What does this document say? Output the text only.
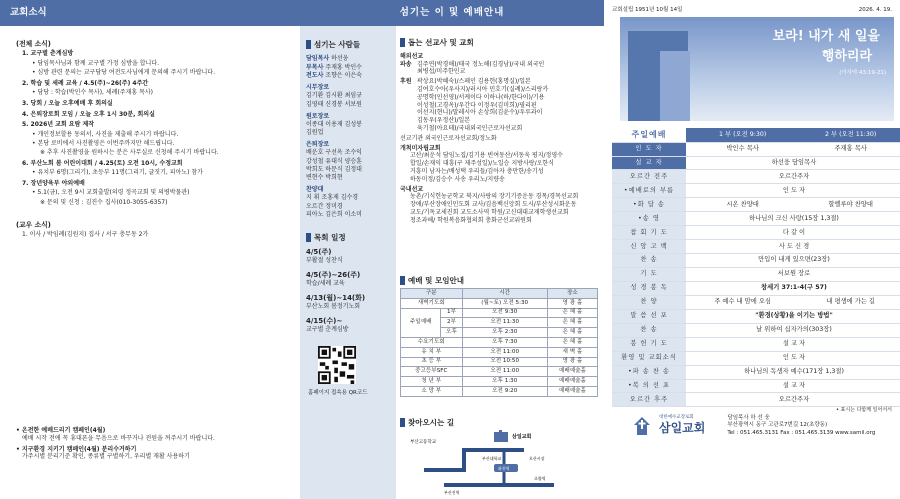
교회소식
(전체 소식)
1. 교구별 춘계심방
• 담임목사님과 함께 교구별 가정 심방을 합니다.
• 심방 관련 문의는 교구담당 여전도사님에게 문의해 주시기 바랍니다.
2. 학습 및 세례 교육 / 4.5(주)~26(주) 4주간
• 담당 : 학습(박인수 목사), 세례(주재홍 목사)
3. 당회 / 오늘 오후예배 후 회의실
4. 은퇴장로회 모임 / 오늘 오후 1시 30분, 회의실
5. 2026년 교회 요람 제작
• 개인정보할용 동의서, 사진을 제출해 주시기 바랍니다.
• 본당 로비에서 사진촬영은 이번주까지만 해드립니다.
※ 추후 사진촬영을 원하시는 분은 사무실로 신청해 주시기 바랍니다.
6. 부산노회 봄 어린이대회 / 4.25(토) 오전 10시, 수정교회
• 유치부 6명(그리기), 초등부 11명(그리기, 글짓기, 피아노) 참가
7. 장년양육부 야외예배
• 5.1(금), 오전 9시 교회출발(의령 정곡교회 및 의병박물관)
※ 문의 및 신청 : 김진수 집사(010-3055-6357)
(교우 소식)
1. 이사 / 박임례(김원지) 집사 / 서구 충무동 2가
• 온전한 예배드리기 캠페인(4월)
예배 시작 전에 꼭 휴대폰을 무음으로 바꾸거나 전원을 꺼주시기 바랍니다.
• 지구환경 지키기 캠페인(4월) 분리수거하기
가주시별 분리기준 확인, 종류별 구별하기, 우리별 재활 사용하기
섬기는 이 및 예배안내
섬기는 사람들
담임목사 하선웅
부목사 주재홍 박인수
전도사 조향은 이은숙
시무장로
김기환 김시환 최임규
김영태 신경봉 서보원
원로장로
이종대 이용재 김성봉
김원업
은퇴장로
배운호 구선옥 조수익
강성철 유대식 양승훈
박희도 하문식 김정대
변현수 박희현
찬양대
지 휘 조홍제 김수경
오르간 정미경
피아노 김은희 이소미
목회 일정
4/5(주)
부활절 성찬식
4/5(주)~26(주)
학습/세례 교육
4/13(월)~14(화)
부산노회 봄정기노회
4/15(수)~
교구별 춘계심방
홈페이지 접속용 QR코드
돕는 선교사 및 교회
해외선교
파송 김주연(박경해)/태국 정노해(김경남)/국내 외국인
최병섭/미주한인교
후원 곽상요(박혜숙)/스페인 김용헌(홍명실)/일본
김여호수아(우사지)/러시아 민호기(실례)/스리랑카
공명학(인선영)/서케이다 이하나(하/한다이)/기용
이성철(고경옥)/우간다 이정우(김미희)/필리핀
이선지(현니)/말레시아 손상희(김윤수)/우루과이
김동우(우정산)/일본
육기철(아요테)/국내외국인근로자선교회
선교기관 외국인근로자선교회/정노화
개척미자립교회
고산/최운석 담임노집/김기용 빈여동산/서동욱 평지/정영수
합일/손재익 대흥(구 제주성일)/노일승 지방사랑/오한식
거흥미 남자는/배성택 우리들/김아자 충만한/송기성
하동미정/김승수 사송 우리노/지량송
국내선교
농촌/기식헌농군학교 북지/사랑의 장기기증운동 경목/경목선교회
장애/부산장애인민도회 교사/김음백신앙회 도시/부산성시화운동
교도/기독교세진회 교도소사역 학원/고신대대교재학생선교회
청조과해/ 학원복음화협의회 충화군선교위원회
예배 및 모임안내
구분		시간	장소
새벽기도회		(월~토) 오전 5:30	영 광 홀
주일예배	1부	오전 9:30	은 혜 홀
	2부	오전 11:30	은 혜 홀
	오후	오후 2:30	은 혜 홀
수요기도회		오후 7:30	은 혜 홀
유 치 부		오전 11:00	새 벽 홀
초 등 부		오전 10:50	영 광 홀
중고등부SFC		오전 11:00	예배예술홀
청 년 부		오후 1:30	예배예술홀
소 망 부		오전 9:20	예배예술홀
찾아오시는 길
부산고등학교
삼일교회
좌천역
부산대학교
초량역
부산진역
오산시장
교회설립 1951년 10월 14일	2026. 4. 19.
보라! 내가 새 일을
행하리라
(이사야 43:19-21)
주일예배	1 부 (오전 9:30)	2 부 (오전 11:30)
인 도 자	박인수 목사	주재홍 목사
설 교 자	하선웅 담임목사	
오르간 전주	오르간주자	
•예배로의 부름	인 도 자	
•화 답 송	시온 찬양대	할렐루야 찬양대
•송 영	하나님의 크신 사랑(15장 1,3절)	
참 회 기 도	다 같 이	
신 앙 고 백	사 도 신 경	
찬 송	만입이 내게 있으면(23장)	
기 도	서보원 장로	
성 경 봉 독	창세기 37:1-4(구 57)	
찬 양	주 예수 내 맘에 오심	내 평생에 가는 길
말 씀 선 포	"환경(상황)을 이기는 방법"	
찬 송	날 위하여 십자가의(303장)	
봉 헌 기 도	설 교 자	
환영 및 교회소식	인 도 자	
•파 송 찬 송	하나님의 독생자 예수(171장 1,3절)	
•복 의 선 포	설 교 자	
오르간 후주	오르간주자	
• 표시는 다함께 일어서서
대한예수교장로회
삼일교회
담임목사 하 선 웅
부산광역시 동구 고관로7번길 12(초량동)
Tel : 051.465.3131 Fax : 051.465.3139 www.samil.org
